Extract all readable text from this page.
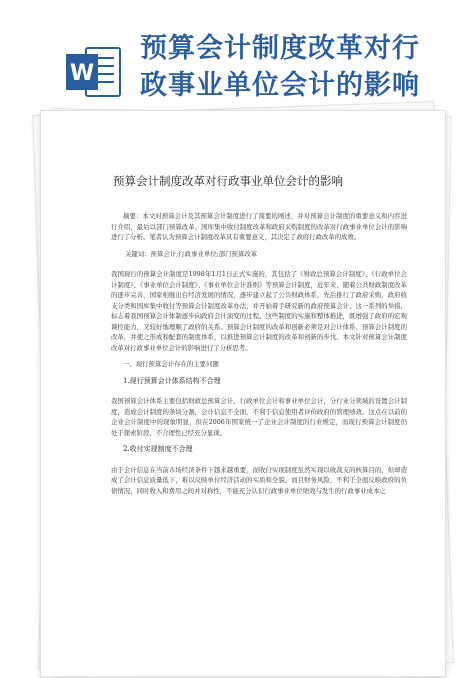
W
预算会计制度改革对行
政事业单位会计的影响
预算会计制度改革对行政事业单位会计的影响

摘要：本文对预算会计及其预算会计制度进行了简要的阐述，并对预算会计制度的重要意义和内容进行介绍，最后以部门预算改革、国库集中收付制度改革和政府采购制度的改革对行政事业单位会计的影响进行了分析。笔者认为预算会计制度改革具有重要意义，其决定了政府行政改革的成败。

关键词：预算会计;行政事业单位;部门预算改革

我国现行的预算会计制度是1998年1月1日正式实施的，其包括了《财政总预算会计制度》、《行政单位会计制度》、《事业单位会计制度》、《事业单位会计准则》等预算会计制度，近年来，随着公共财政制度改革的逐步完善，国家相继出台经济发展的情况，逐步建立起了公共财政体系，先后推行了政府采购，政府收支分类和国库集中收付等预算会计制度改革办法，并开始着手研究新的政府预算会计。这一系列的举措，标志着我国预算会计体制逐步向政府会计演变的过程。这些制度的实施和整体推进，既增强了政府的宏观调控能力，又较好地理顺了政府的关系。预算会计制度的改革和创新必须是对会计体系、预算会计制度的改革，并使之形成和配套的制度体系，以推进预算会计制度的改革和创新的步伐。本文针对预算会计制度改革对行政事业单位会计的影响进行了分析思考。

一、现行预算会计存在的主要问题

1.现行预算会计体系结构不合理

我国预算会计体系主要包括财政总预算会计、行政单位会计和事业单位会计，分行业分领域的设置会计制度，造成会计制度的条块分割，会计信息不全面，不利于信息使用者评价政府的管理绩效。这点在以前的企业会计制度中的现象明显，但在2006年国家统一了企业会计制度的行业规定，而现行预算会计制度仍处于探索阶段，不合理性已经充分显现。

2.收付实现制度不合理

由于会计信息在当前市场经济条件下越来越重要，而收付实现制度虽然实现以收裁支的核算目的，但却造成了会计信息质量低下，难以反映单位经济活动的实质和全貌，而且财务风险，不利于全面反映政府的负债情况，同时收入和费用之间并对称性，不能充分认识行政事业单位绩效与发生的行政事业成本之
